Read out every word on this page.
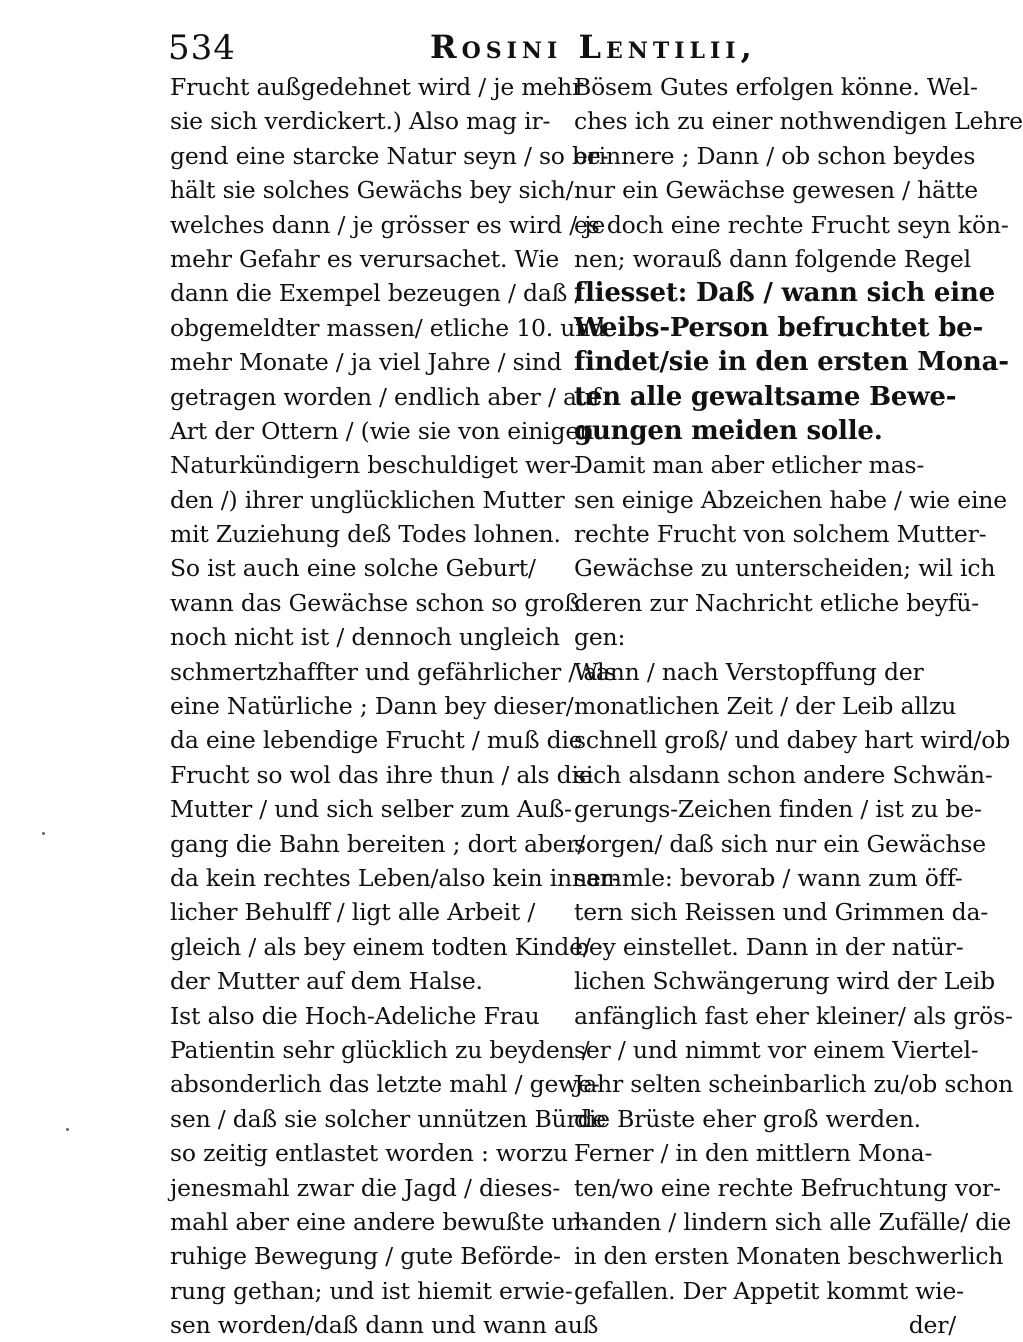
534	Rosini Lentilii,
Frucht außgedehnet wird / je mehr
sie sich verdickert.) Also mag ir-
gend eine starcke Natur seyn / so be-
hält sie solches Gewächs bey sich/
welches dann / je grösser es wird / je
mehr Gefahr es verursachet. Wie
dann die Exempel bezeugen / daß /
obgemeldter massen/ etliche 10. und
mehr Monate / ja viel Jahre / sind
getragen worden / endlich aber / auf
Art der Ottern / (wie sie von einigen
Naturkündigern beschuldiget wer-
den /) ihrer unglücklichen Mutter
mit Zuziehung deß Todes lohnen.
So ist auch eine solche Geburt/
wann das Gewächse schon so groß
noch nicht ist / dennoch ungleich
schmertzhaffter und gefährlicher / als
eine Natürliche ; Dann bey dieser/
da eine lebendige Frucht / muß die
Frucht so wol das ihre thun / als die
Mutter / und sich selber zum Auß-
gang die Bahn bereiten ; dort aber/
da kein rechtes Leben/also kein inner-
licher Behulff / ligt alle Arbeit /
gleich / als bey einem todten Kinde/
der Mutter auf dem Halse.
Ist also die Hoch-Adeliche Frau
Patientin sehr glücklich zu beyden /
absonderlich das letzte mahl / gewe-
sen / daß sie solcher unnützen Bürde
so zeitig entlastet worden : worzu
jenesmahl zwar die Jagd / dieses-
mahl aber eine andere bewußte un-
ruhige Bewegung / gute Beförde-
rung gethan; und ist hiemit erwie-
sen worden/daß dann und wann auß
Bösem Gutes erfolgen könne. Wel-
ches ich zu einer nothwendigen Lehre
erinnere ; Dann / ob schon beydes
nur ein Gewächse gewesen / hätte
es doch eine rechte Frucht seyn kön-
nen; worauß dann folgende Regel
fliesset: Daß / wann sich eine
Weibs-Person befruchtet be-
findet/sie in den ersten Mona-
ten alle gewaltsame Bewe-
gungen meiden solle.
Damit man aber etlicher mas-
sen einige Abzeichen habe / wie eine
rechte Frucht von solchem Mutter-
Gewächse zu unterscheiden; wil ich
deren zur Nachricht etliche beyfü-
gen:
Wann / nach Verstopffung der
monatlichen Zeit / der Leib allzu
schnell groß/ und dabey hart wird/ob
sich alsdann schon andere Schwän-
gerungs-Zeichen finden / ist zu be-
sorgen/ daß sich nur ein Gewächse
sammle: bevorab / wann zum öff-
tern sich Reissen und Grimmen da-
bey einstellet. Dann in der natür-
lichen Schwängerung wird der Leib
anfänglich fast eher kleiner/ als grös-
ser / und nimmt vor einem Viertel-
Jahr selten scheinbarlich zu/ob schon
die Brüste eher groß werden.
Ferner / in den mittlern Mona-
ten/wo eine rechte Befruchtung vor-
handen / lindern sich alle Zufälle/ die
in den ersten Monaten beschwerlich
gefallen. Der Appetit kommt wie-
der/
